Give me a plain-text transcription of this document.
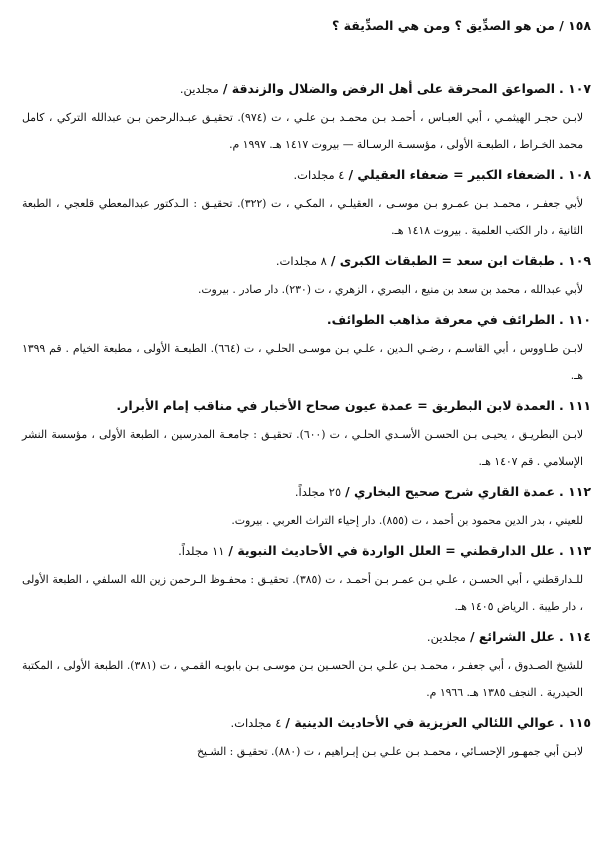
١٥٨ / من هو الصدِّيق ؟ ومن هي الصدِّيقة ؟

١٠٧ . الصواعق المحرقة على أهل الرفض والضلال والزندقة / مجلدين.

لابـن حجـر الهيثمـي ، أبي العبـاس ، أحمـد بـن محمـد بـن علـي ، ت (٩٧٤). تحقيـق عبـدالرحمن بـن عبدالله التركي ، كامل محمد الخـراط ، الطبعـة الأولى ، مؤسسـة الرسـالة — بيروت ١٤١٧ هـ. ١٩٩٧ م.

١٠٨ . الضعفاء الكبير = ضعفاء العقيلي / ٤ مجلدات.

لأبي جعفـر ، محمـد بـن عمـرو بـن موسـى ، العقيلـي ، المكـي ، ت (٣٢٢). تحقيـق : الـدكتور عبدالمعطي قلعجي ، الطبعة الثانية ، دار الكتب العلمية . بيروت ١٤١٨ هـ.

١٠٩ . طبقات ابن سعد = الطبقات الكبرى / ٨ مجلدات.

لأبي عبدالله ، محمد بن سعد بن منيع ، البصري ، الزهري ، ت (٢٣٠). دار صادر . بيروت.

١١٠ . الطرائف في معرفة مذاهب الطوائف.

لابـن طـاووس ، أبي القاسـم ، رضـي الـدين ، علـي بـن موسـى الحلـي ، ت (٦٦٤). الطبعـة الأولى ، مطبعة الخيام . قم ١٣٩٩ هـ.

١١١ . العمدة لابن البطريق = عمدة عيون صحاح الأخبار في مناقب إمام الأبرار.

لابـن البطريـق ، يحيـى بـن الحسـن الأسـدي الحلـي ، ت (٦٠٠). تحقيـق : جامعـة المدرسين ، الطبعة الأولى ، مؤسسة النشر الإسلامي . قم ١٤٠٧ هـ.

١١٢ . عمدة القاري شرح صحيح البخاري / ٢٥ مجلداً.

للعيني ، بدر الدين محمود بن أحمد ، ت (٨٥٥). دار إحياء التراث العربي . بيروت.

١١٣ . علل الدارقطني = العلل الواردة في الأحاديث النبوية / ١١ مجلداً.

للـدارقطني ، أبي الحسـن ، علـي بـن عمـر بـن أحمـد ، ت (٣٨٥). تحقيـق : محفـوظ الـرحمن زين الله السلفي ، الطبعة الأولى ، دار طيبة . الرياض ١٤٠٥ هـ.

١١٤ . علل الشرائع / مجلدين.

للشيخ الصـدوق ، أبي جعفـر ، محمـد بـن علـي بـن الحسـين بـن موسـى بـن بابويـه القمـي ، ت (٣٨١). الطبعة الأولى ، المكتبة الحيدرية . النجف ١٣٨٥ هـ. ١٩٦٦ م.

١١٥ . عوالي اللئالي العزيزية في الأحاديث الدينية / ٤ مجلدات.

لابـن أبي جمهـور الإحسـائي ، محمـد بـن علـي بـن إبـراهيم ، ت (٨٨٠). تحقيـق : الشـيخ
